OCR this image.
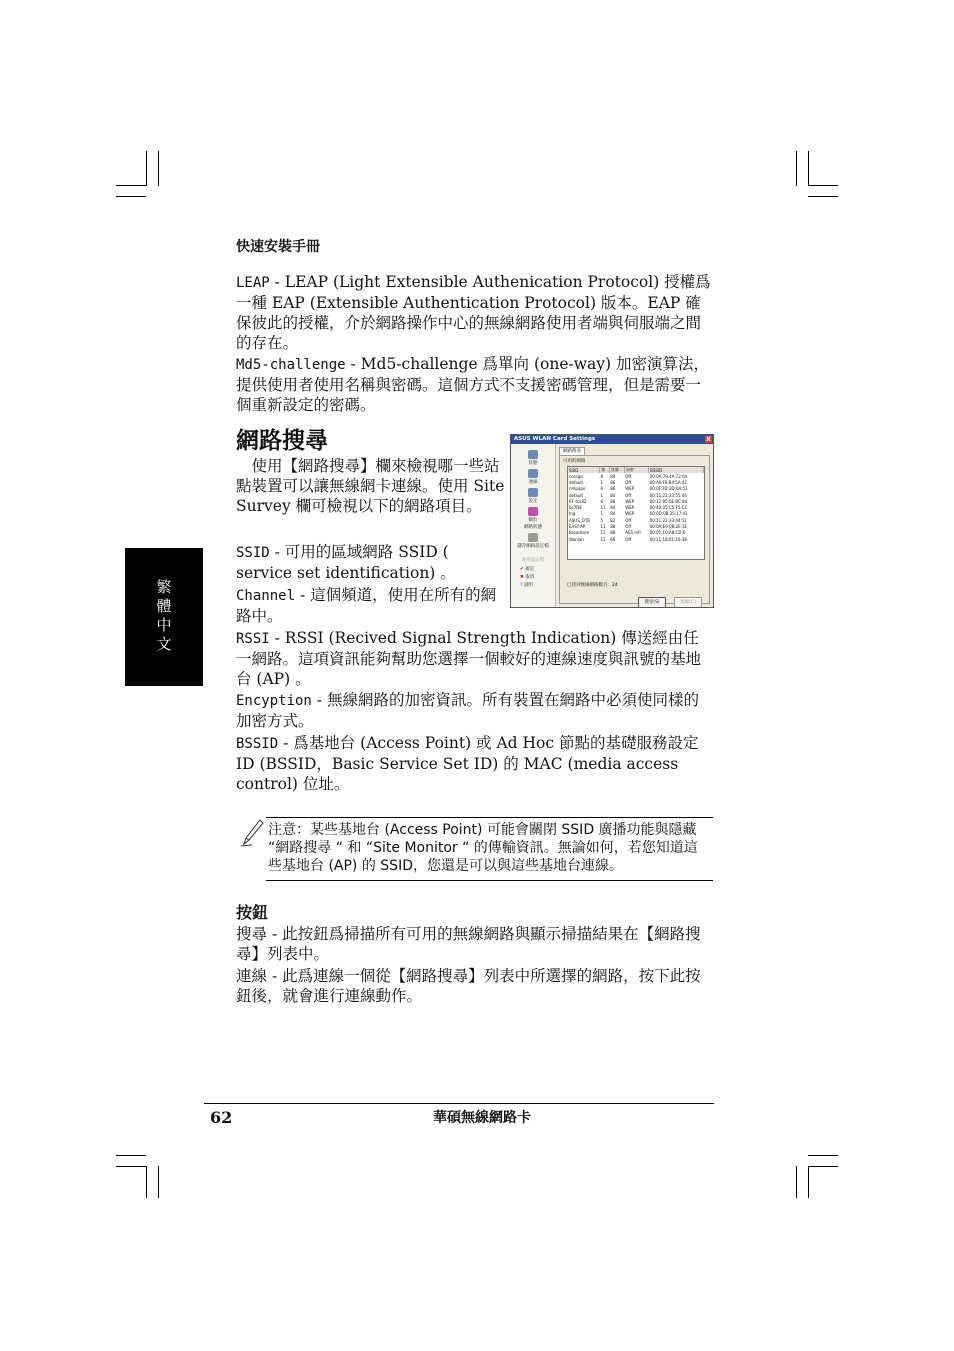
快速安裝手冊

LEAP - LEAP (Light Extensible Authenication Protocol) 授權爲一種 EAP (Extensible Authentication Protocol) 版本。EAP 確保彼此的授權，介於網路操作中心的無線網路使用者端與伺服端之間的存在。

Md5-challenge - Md5-challenge 爲單向 (one-way) 加密演算法，提供使用者使用名稱與密碼。這個方式不支援密碼管理，但是需要一個重新設定的密碼。

網路搜尋

使用【網路搜尋】欄來檢視哪一些站點裝置可以讓無線網卡連線。使用 Site Survey 欄可檢視以下的網路項目。

SSID - 可用的區域網路 SSID ( service set identification) 。

Channel - 這個頻道，使用在所有的網路中。

RSSI - RSSI (Recived Signal Strength Indication) 傳送經由任一網路。這項資訊能夠幫助您選擇一個較好的連線速度與訊號的基地台 (AP) 。

Encyption - 無線網路的加密資訊。所有裝置在網路中必須使同樣的加密方式。

BSSID - 爲基地台 (Access Point) 或 Ad Hoc 節點的基礎服務設定 ID (BSSID，Basic Service Set ID) 的 MAC (media access control) 位址。

繁
體
中
文
ASUS WLAN Card Settings	X
狀態
連線
設定
關於
網路狀態
儲存網路設定檔
使用設定檔
✔ 確定
✖ 取消
? 說明
網路搜尋
可用的網路
SSID	頻	訊號	加密	BSSID
corega	6	84	Off	00:0A:79:4A:72:64
default	1	86	Off	00:A0:F8:84:5A:4C
nmpapo	6	86	WEP	00:0F:3D:3D:0A:51
default	1	84	Off	00:11:22:33:55:44
RF-tcs82	6	86	WEP	00:11:95:0E:8C:84
bc7DE	11	84	WEP	00:40:05:C5:F5:CC
Ing	1	84	WEP	00:0D:0B:25:17:41
ASUS_DTB	5	82	Off	00:11:22:33:44:51
EASY-AP	11	88	Off	00:0A:E9:08:2E:1E
Broadcom	11	88	AES Infr	00:01:10:A8:CD:6
Wanlan	11	66	Off	00:11:18:01:16:38
已找到無線網路數目：24
搜尋(S)	連線(C)
注意：某些基地台 (Access Point) 可能會關閉 SSID 廣播功能與隱藏 “網路搜尋 “ 和 “Site Monitor “ 的傳輸資訊。無論如何，若您知道這些基地台 (AP) 的 SSID，您還是可以與這些基地台連線。
按鈕

搜尋 - 此按鈕爲掃描所有可用的無線網路與顯示掃描結果在【網路搜尋】列表中。

連線 - 此爲連線一個從【網路搜尋】列表中所選擇的網路，按下此按鈕後，就會進行連線動作。

62	華碩無線網路卡
